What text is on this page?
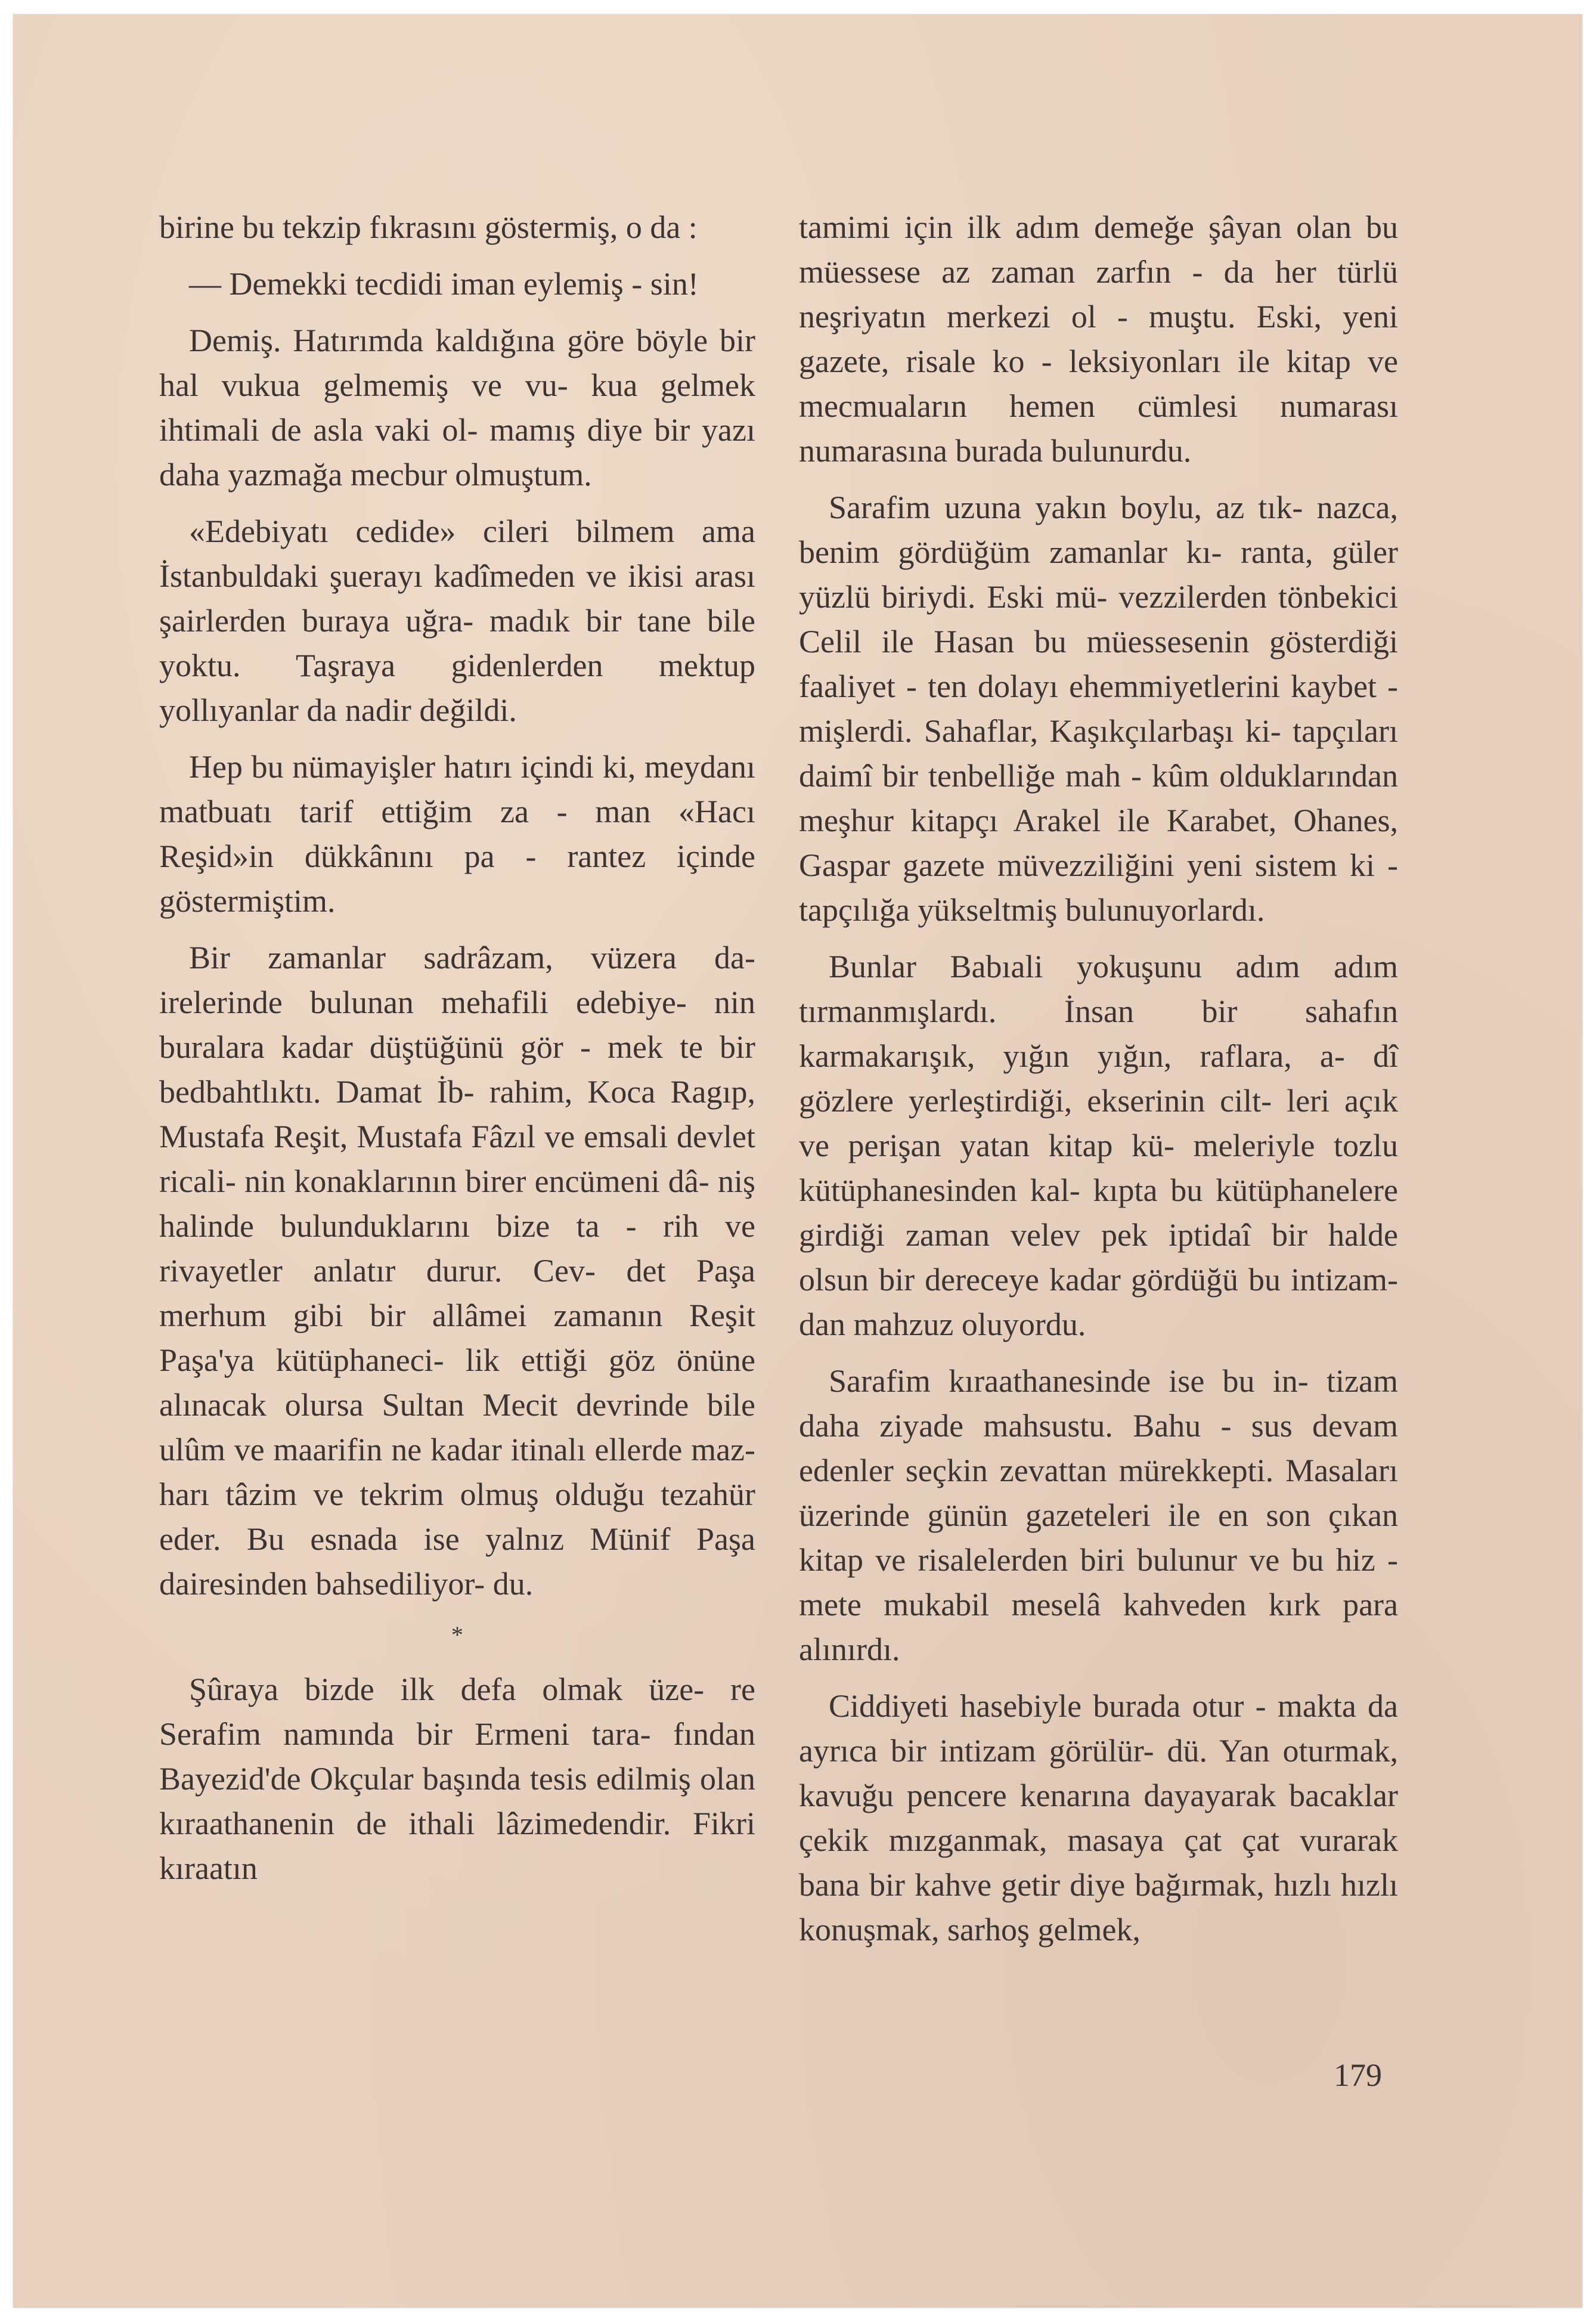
birine bu tekzip fıkrasını göstermiş, o da :

— Demekki tecdidi iman eylemiş - sin!

Demiş. Hatırımda kaldığına göre böyle bir hal vukua gelmemiş ve vu- kua gelmek ihtimali de asla vaki ol- mamış diye bir yazı daha yazmağa mecbur olmuştum.

«Edebiyatı cedide» cileri bilmem ama İstanbuldaki şuerayı kadîmeden ve ikisi arası şairlerden buraya uğra- madık bir tane bile yoktu. Taşraya gidenlerden mektup yollıyanlar da nadir değildi.

Hep bu nümayişler hatırı içindi ki, meydanı matbuatı tarif ettiğim za - man «Hacı Reşid»in dükkânını pa - rantez içinde göstermiştim.

Bir zamanlar sadrâzam, vüzera da- irelerinde bulunan mehafili edebiye- nin buralara kadar düştüğünü gör - mek te bir bedbahtlıktı. Damat İb- rahim, Koca Ragıp, Mustafa Reşit, Mustafa Fâzıl ve emsali devlet ricali- nin konaklarının birer encümeni dâ- niş halinde bulunduklarını bize ta - rih ve rivayetler anlatır durur. Cev- det Paşa merhum gibi bir allâmei zamanın Reşit Paşa'ya kütüphaneci- lik ettiği göz önüne alınacak olursa Sultan Mecit devrinde bile ulûm ve maarifin ne kadar itinalı ellerde maz- harı tâzim ve tekrim olmuş olduğu tezahür eder. Bu esnada ise yalnız Münif Paşa dairesinden bahsediliyor- du.

*

Şûraya bizde ilk defa olmak üze- re Serafim namında bir Ermeni tara- fından Bayezid'de Okçular başında tesis edilmiş olan kıraathanenin de ithali lâzimedendir. Fikri kıraatın

tamimi için ilk adım demeğe şâyan olan bu müessese az zaman zarfın - da her türlü neşriyatın merkezi ol - muştu. Eski, yeni gazete, risale ko - leksiyonları ile kitap ve mecmuaların hemen cümlesi numarası numarasına burada bulunurdu.

Sarafim uzuna yakın boylu, az tık- nazca, benim gördüğüm zamanlar kı- ranta, güler yüzlü biriydi. Eski mü- vezzilerden tönbekici Celil ile Hasan bu müessesenin gösterdiği faaliyet - ten dolayı ehemmiyetlerini kaybet - mişlerdi. Sahaflar, Kaşıkçılarbaşı ki- tapçıları daimî bir tenbelliğe mah - kûm olduklarından meşhur kitapçı Arakel ile Karabet, Ohanes, Gaspar gazete müvezziliğini yeni sistem ki - tapçılığa yükseltmiş bulunuyorlardı.

Bunlar Babıali yokuşunu adım adım tırmanmışlardı. İnsan bir sahafın karmakarışık, yığın yığın, raflara, a- dî gözlere yerleştirdiği, ekserinin cilt- leri açık ve perişan yatan kitap kü- meleriyle tozlu kütüphanesinden kal- kıpta bu kütüphanelere girdiği zaman velev pek iptidaî bir halde olsun bir dereceye kadar gördüğü bu intizam- dan mahzuz oluyordu.

Sarafim kıraathanesinde ise bu in- tizam daha ziyade mahsustu. Bahu - sus devam edenler seçkin zevattan mürekkepti. Masaları üzerinde günün gazeteleri ile en son çıkan kitap ve risalelerden biri bulunur ve bu hiz - mete mukabil meselâ kahveden kırk para alınırdı.

Ciddiyeti hasebiyle burada otur - makta da ayrıca bir intizam görülür- dü. Yan oturmak, kavuğu pencere kenarına dayayarak bacaklar çekik mızganmak, masaya çat çat vurarak bana bir kahve getir diye bağırmak, hızlı hızlı konuşmak, sarhoş gelmek,

179
